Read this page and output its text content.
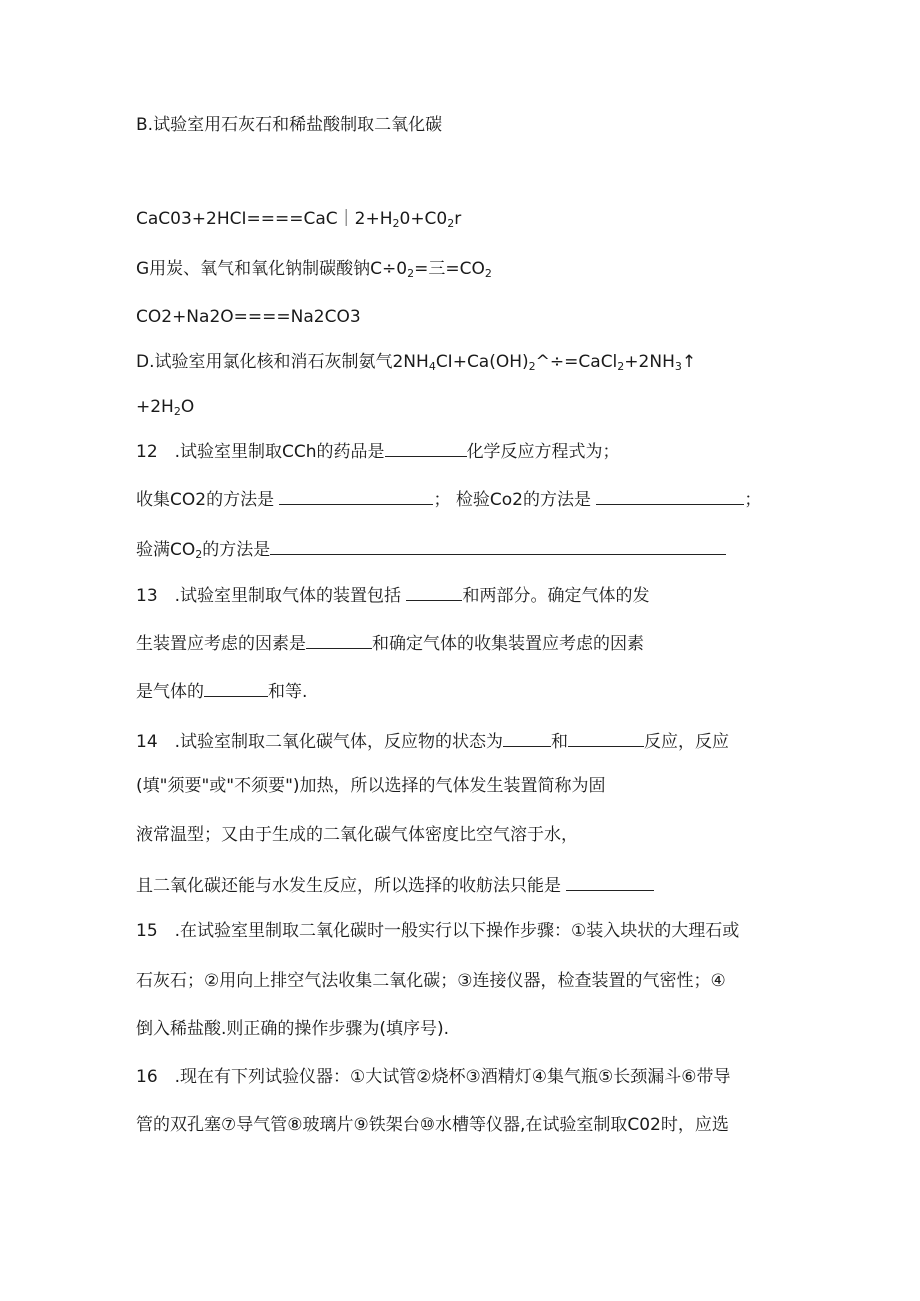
B.试验室用石灰石和稀盐酸制取二氧化碳
$CaC03+2HCI====CaC|2+H_20+C0_2r$
G用炭、氧气和氧化钠制碳酸钠$C\div 0_2=$三$=CO_2$
CO2+Na2O====Na2CO3
D.试验室用氯化核和消石灰制氨气$2NH_4CI+Ca(OH)_2\^{}\div=CaCl_2+2NH_3↑$
$+2H_2O$
12　.试验室里制取CCh的药品是	化学反应方程式为；
收集CO2的方法是	； 检验Co2的方法是	；
验满$CO_2$的方法是
13　.试验室里制取气体的装置包括	和两部分。确定气体的发
生装置应考虑的因素是	和确定气体的收集装置应考虑的因素
是气体的	和等.
14　.试验室制取二氧化碳气体，反应物的状态为	和	反应，反应
(填"须要"或"不须要")加热，所以选择的气体发生装置简称为固
液常温型；又由于生成的二氧化碳气体密度比空气溶于水，
且二氧化碳还能与水发生反应，所以选择的收舫法只能是
15　.在试验室里制取二氧化碳时一般实行以下操作步骤：①装入块状的大理石或
石灰石；②用向上排空气法收集二氧化碳；③连接仪器，检查装置的气密性；④
倒入稀盐酸.则正确的操作步骤为(填序号).
16　.现在有下列试验仪器：①大试管②烧杯③酒精灯④集气瓶⑤长颈漏斗⑥带导
管的双孔塞⑦导气管⑧玻璃片⑨铁架台⑩水槽等仪器,在试验室制取C02时，应选
